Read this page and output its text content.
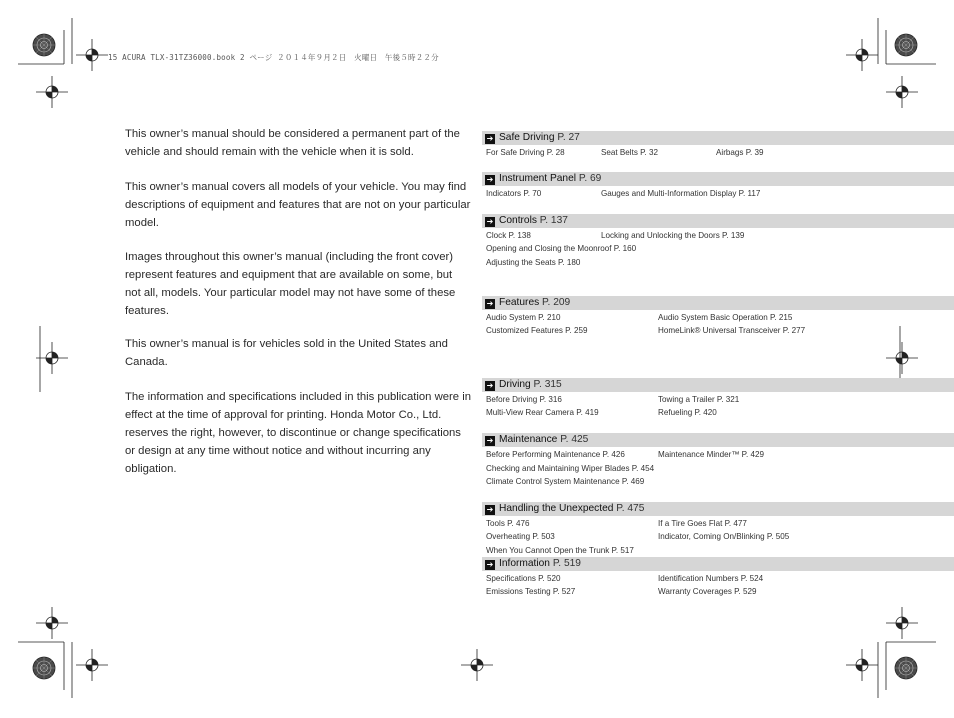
15 ACURA TLX-31TZ36000.book 2 ページ ２０１４年９月２日　火曜日　午後５時２２分

This owner’s manual should be considered a permanent part of the vehicle and should remain with the vehicle when it is sold.

This owner’s manual covers all models of your vehicle. You may find descriptions of equipment and features that are not on your particular model.

Images throughout this owner’s manual (including the front cover) represent features and equipment that are available on some, but not all, models. Your particular model may not have some of these features.

This owner’s manual is for vehicles sold in the United States and Canada.

The information and specifications included in this publication were in effect at the time of approval for printing. Honda Motor Co., Ltd. reserves the right, however, to discontinue or change specifications or design at any time without notice and without incurring any obligation.

➔ Safe Driving P. 27
For Safe Driving P. 28	Seat Belts P. 32	Airbags P. 39
➔ Instrument Panel P. 69
Indicators P. 70	Gauges and Multi-Information Display P. 117
➔ Controls P. 137
Clock P. 138	Locking and Unlocking the Doors P. 139
Opening and Closing the Moonroof P. 160
Adjusting the Seats P. 180
➔ Features P. 209
Audio System P. 210	Audio System Basic Operation P. 215
Customized Features P. 259	HomeLink® Universal Transceiver P. 277
➔ Driving P. 315
Before Driving P. 316	Towing a Trailer P. 321
Multi-View Rear Camera P. 419	Refueling P. 420
➔ Maintenance P. 425
Before Performing Maintenance P. 426	Maintenance Minder™ P. 429
Checking and Maintaining Wiper Blades P. 454
Climate Control System Maintenance P. 469
➔ Handling the Unexpected P. 475
Tools P. 476	If a Tire Goes Flat P. 477
Overheating P. 503	Indicator, Coming On/Blinking P. 505
When You Cannot Open the Trunk P. 517
➔ Information P. 519
Specifications P. 520	Identification Numbers P. 524
Emissions Testing P. 527	Warranty Coverages P. 529
